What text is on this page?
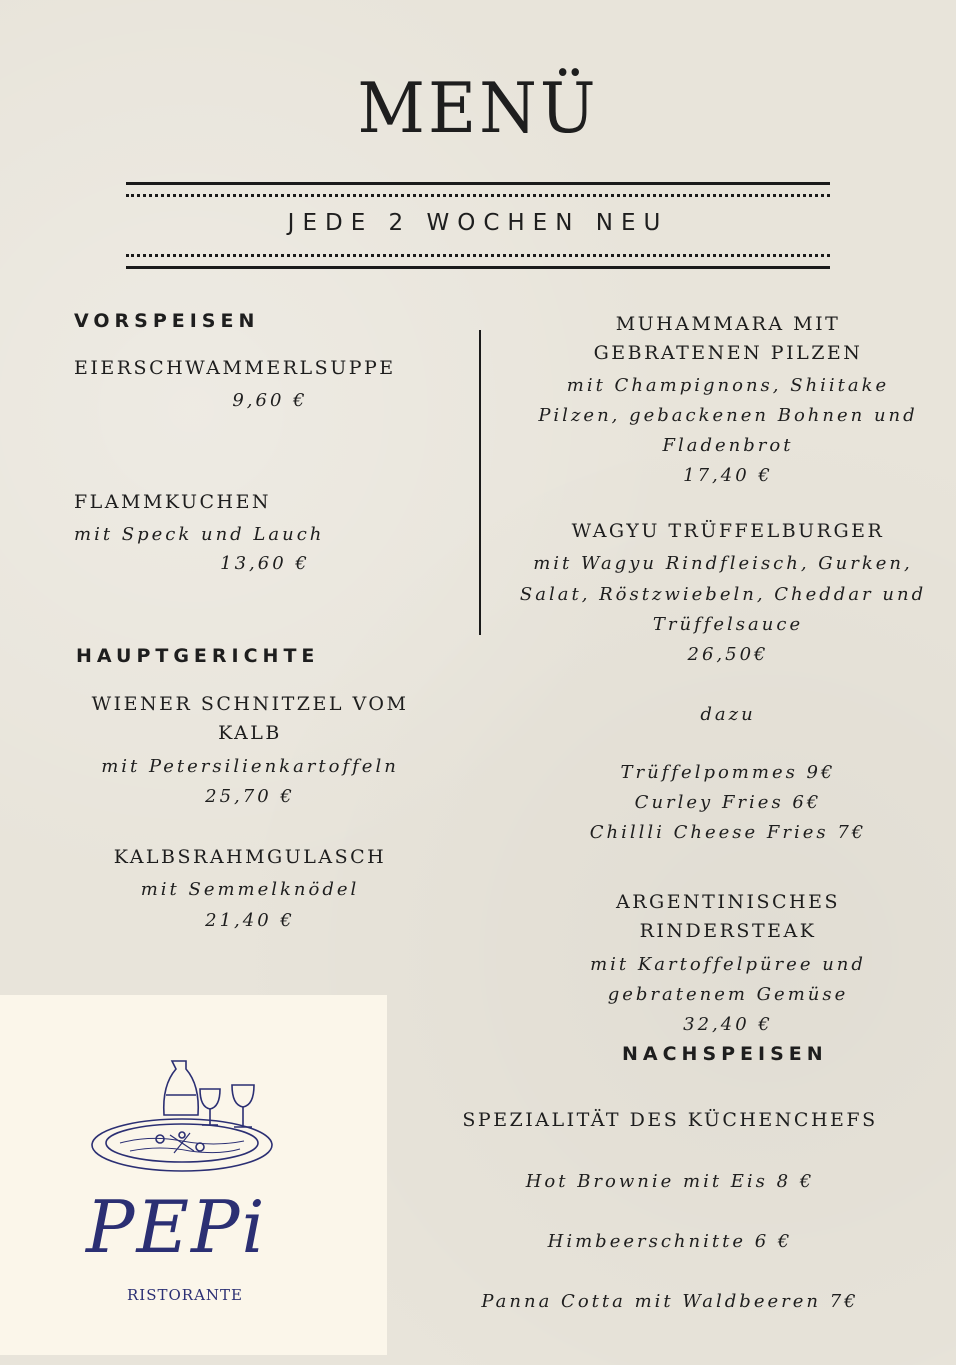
MENÜ
JEDE 2 WOCHEN NEU
VORSPEISEN
EIERSCHWAMMERLSUPPE
9,60 €
FLAMMKUCHEN
mit Speck und Lauch
13,60 €
HAUPTGERICHTE
WIENER SCHNITZEL VOM
KALB
mit Petersilienkartoffeln
25,70 €
KALBSRAHMGULASCH
mit Semmelknödel
21,40 €
MUHAMMARA MIT
GEBRATENEN PILZEN
mit Champignons, Shiitake
Pilzen, gebackenen Bohnen und
Fladenbrot
17,40 €
WAGYU TRÜFFELBURGER
mit Wagyu Rindfleisch, Gurken,
Salat, Röstzwiebeln, Cheddar und
Trüffelsauce
26,50€
dazu
Trüffelpommes 9€
Curley Fries 6€
Chillli Cheese Fries 7€
ARGENTINISCHES
RINDERSTEAK
mit Kartoffelpüree und
gebratenem Gemüse
32,40 €
NACHSPEISEN
SPEZIALITÄT DES KÜCHENCHEFS
Hot Brownie mit Eis 8 €
Himbeerschnitte 6 €
Panna Cotta mit Waldbeeren 7€
PEPi
RISTORANTE
